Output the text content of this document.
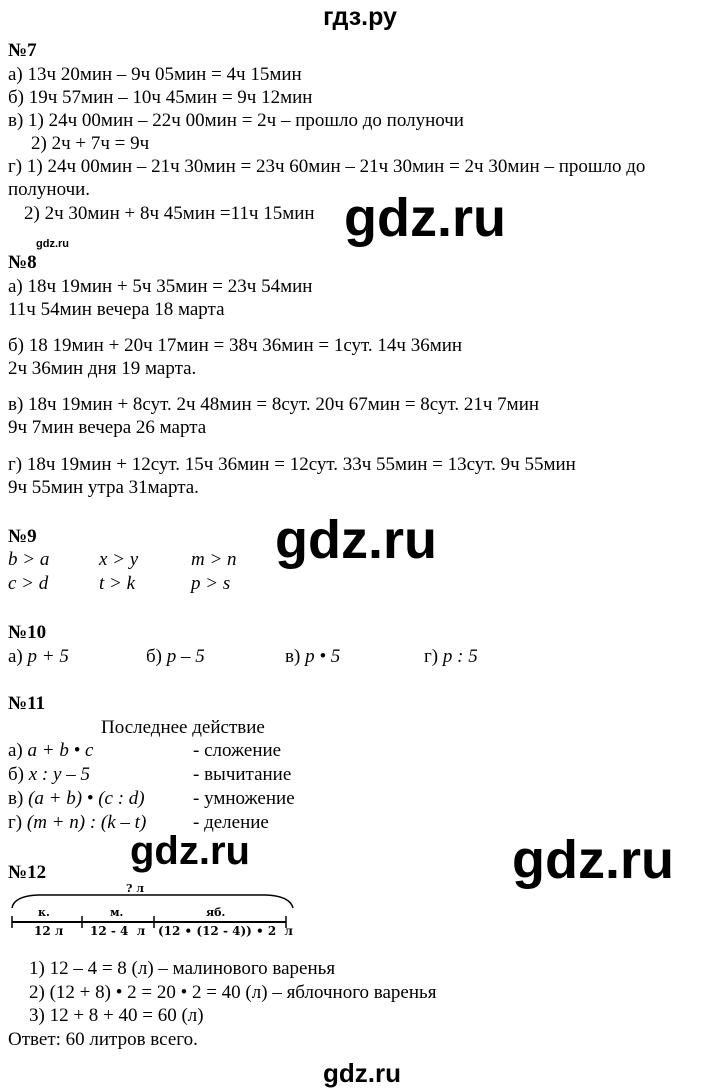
гдз.ру
gdz.ru
gdz.ru
gdz.ru
gdz.ru
gdz.ru
gdz.ru
№7
а) 13ч 20мин – 9ч 05мин = 4ч 15мин
б) 19ч 57мин – 10ч 45мин = 9ч 12мин
в) 1) 24ч 00мин – 22ч 00мин = 2ч – прошло до полуночи
2) 2ч + 7ч = 9ч
г) 1) 24ч 00мин – 21ч 30мин = 23ч 60мин – 21ч 30мин = 2ч 30мин – прошло до
полуночи.
2) 2ч 30мин + 8ч 45мин =11ч 15мин
№8
а) 18ч 19мин + 5ч 35мин = 23ч 54мин
11ч 54мин вечера 18 марта
б) 18 19мин + 20ч 17мин = 38ч 36мин = 1сут. 14ч 36мин
2ч 36мин дня 19 марта.
в) 18ч 19мин + 8сут. 2ч 48мин = 8сут. 20ч 67мин = 8сут. 21ч 7мин
9ч 7мин вечера 26 марта
г) 18ч 19мин + 12сут. 15ч 36мин = 12сут. 33ч 55мин = 13сут. 9ч 55мин
9ч 55мин утра 31марта.
№9
b > a	x > y	m > n
c > d	t > k	p > s
№10
а) p + 5	б) p – 5	в) p • 5	г) p : 5
№11
Последнее действие
а) a + b • c	- сложение
б) x : y – 5	- вычитание
в) (a + b) • (c : d)	- умножение
г) (m + n) : (k – t) - деление
№12
? л
к.	м.	яб.
12 л 12 - 4  л (12 • (12 - 4)) • 2  л
1) 12 – 4 = 8 (л) – малинового варенья
2) (12 + 8) • 2 = 20 • 2 = 40 (л) – яблочного варенья
3) 12 + 8 + 40 = 60 (л)
Ответ: 60 литров всего.
